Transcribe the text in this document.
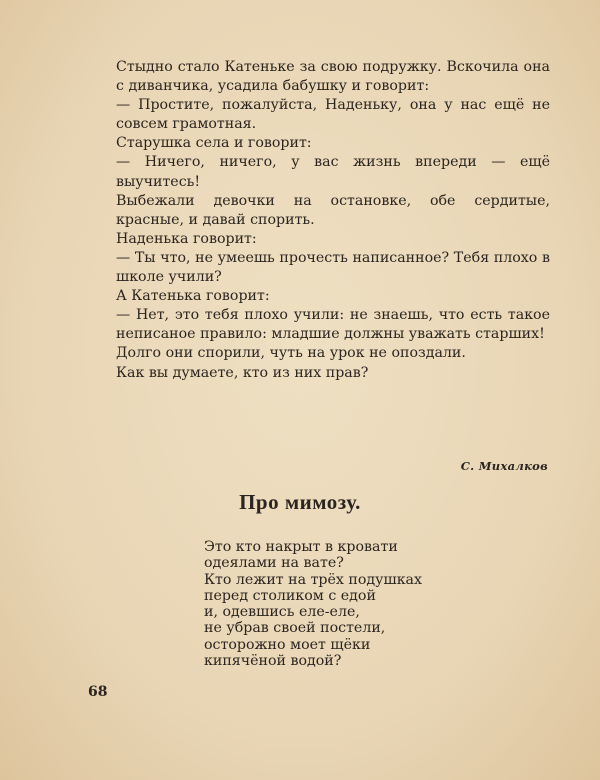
Стыдно стало Катеньке за свою подружку. Вскочила она с диванчика, усадила бабушку и говорит:

— Простите, пожалуйста, Наденьку, она у нас ещё не совсем грамотная.

Старушка села и говорит:

— Ничего, ничего, у вас жизнь впереди — ещё выучитесь!

Выбежали девочки на остановке, обе сердитые, красные, и давай спорить.

Наденька говорит:

— Ты что, не умеешь прочесть написанное? Тебя плохо в школе учили?

А Катенька говорит:

— Нет, это тебя плохо учили: не знаешь, что есть такое неписаное правило: младшие должны уважать старших!

Долго они спорили, чуть на урок не опоздали.

Как вы думаете, кто из них прав?

С. Михалков
Про мимозу.
Это кто накрыт в кровати
одеялами на вате?
Кто лежит на трёх подушках
перед столиком с едой
и, одевшись еле-еле,
не убрав своей постели,
осторожно моет щёки
кипячёной водой?
68
